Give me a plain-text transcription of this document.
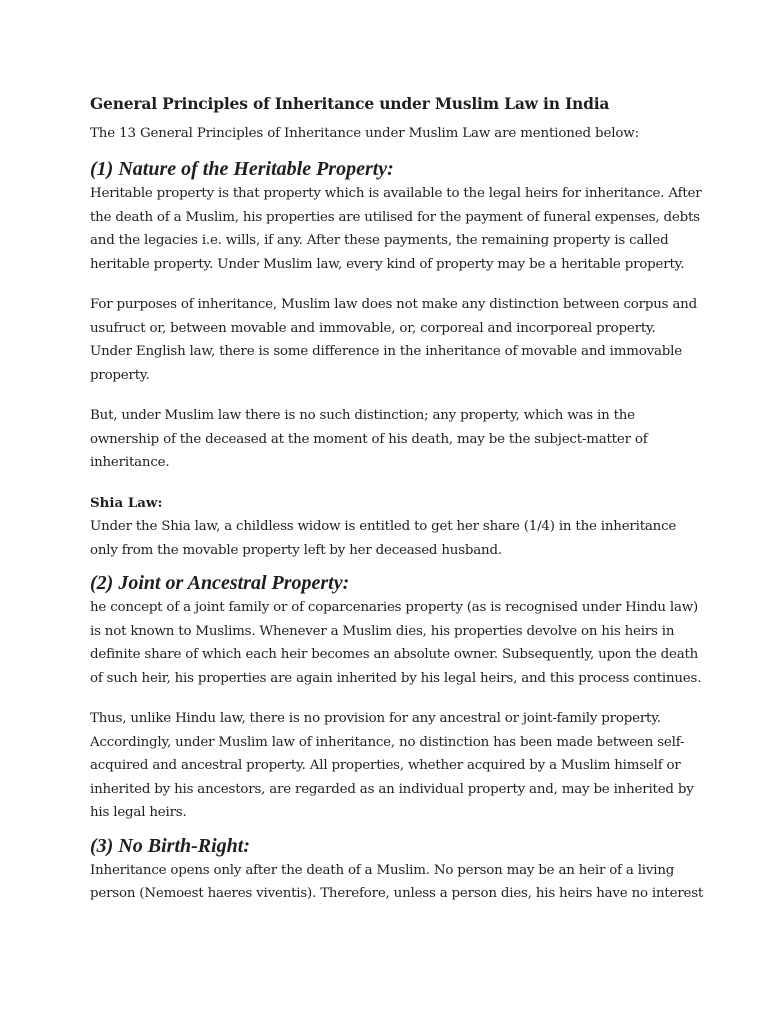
General Principles of Inheritance under Muslim Law in India

The 13 General Principles of Inheritance under Muslim Law are mentioned below:

(1) Nature of the Heritable Property:

Heritable property is that property which is available to the legal heirs for inheritance. After
the death of a Muslim, his properties are utilised for the payment of funeral expenses, debts
and the legacies i.e. wills, if any. After these payments, the remaining property is called
heritable property. Under Muslim law, every kind of property may be a heritable property.

For purposes of inheritance, Muslim law does not make any distinction between corpus and
usufruct or, between movable and immovable, or, corporeal and incorporeal property.
Under English law, there is some difference in the inheritance of movable and immovable
property.

But, under Muslim law there is no such distinction; any property, which was in the
ownership of the deceased at the moment of his death, may be the subject-matter of
inheritance.

Shia Law:

Under the Shia law, a childless widow is entitled to get her share (1/4) in the inheritance
only from the movable property left by her deceased husband.

(2) Joint or Ancestral Property:

he concept of a joint family or of coparcenaries property (as is recognised under Hindu law)
is not known to Muslims. Whenever a Muslim dies, his properties devolve on his heirs in
definite share of which each heir becomes an absolute owner. Subsequently, upon the death
of such heir, his properties are again inherited by his legal heirs, and this process continues.

Thus, unlike Hindu law, there is no provision for any ancestral or joint-family property.
Accordingly, under Muslim law of inheritance, no distinction has been made between self-
acquired and ancestral property. All properties, whether acquired by a Muslim himself or
inherited by his ancestors, are regarded as an individual property and, may be inherited by
his legal heirs.

(3) No Birth-Right:

Inheritance opens only after the death of a Muslim. No person may be an heir of a living
person (Nemoest haeres viventis). Therefore, unless a person dies, his heirs have no interest
